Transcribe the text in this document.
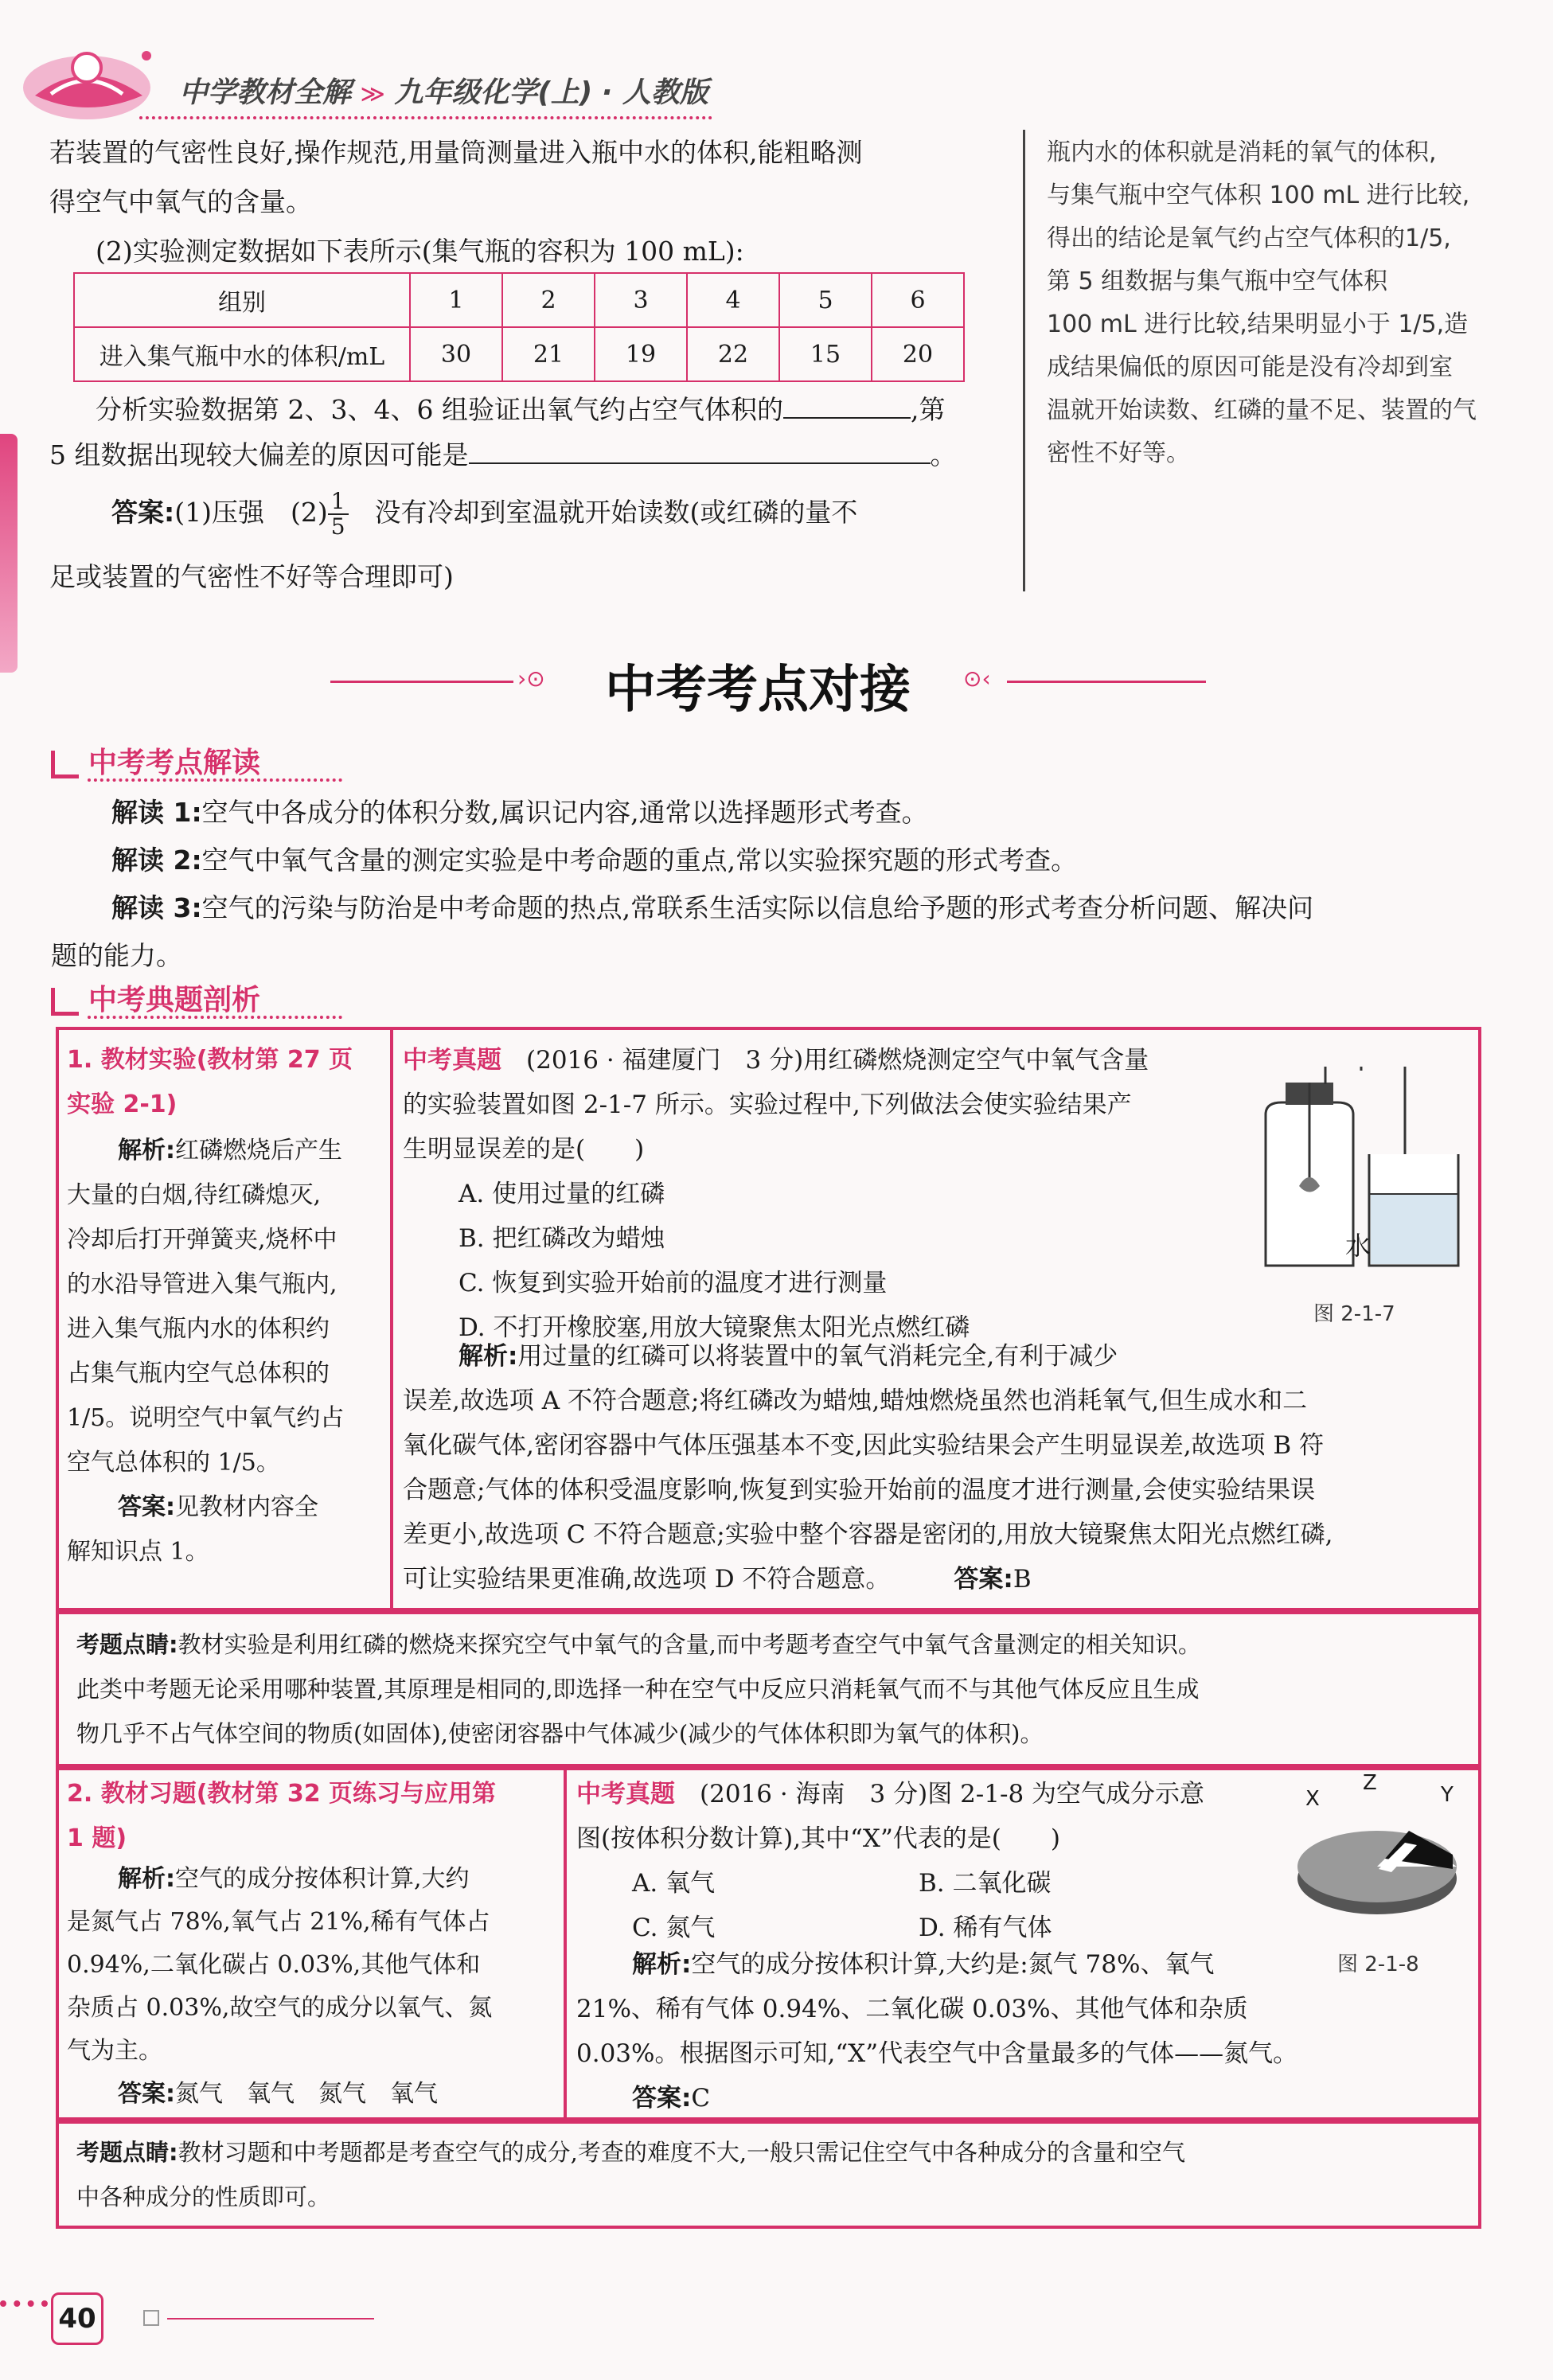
中学教材全解 ≫ 九年级化学(上) · 人教版
若装置的气密性良好,操作规范,用量筒测量进入瓶中水的体积,能粗略测
得空气中氧气的含量。
(2)实验测定数据如下表所示(集气瓶的容积为 100 mL):
组别	1	2	3	4	5	6
进入集气瓶中水的体积/mL	30	21	19	22	15	20
分析实验数据第 2、3、4、6 组验证出氧气约占空气体积的	,第
5 组数据出现较大偏差的原因可能是	。
答案:(1)压强　$(2) \frac{1}{5}$ 　没有冷却到室温就开始读数(或红磷的量不
足或装置的气密性不好等合理即可)
瓶内水的体积就是消耗的氧气的体积,
与集气瓶中空气体积 100 mL 进行比较,
得出的结论是氧气约占空气体积的1/5,
第 5 组数据与集气瓶中空气体积
100 mL 进行比较,结果明显小于 1/5,造
成结果偏低的原因可能是没有冷却到室
温就开始读数、红磷的量不足、装置的气
密性不好等。
›⊙ 中考考点对接 ⊙‹
中考考点解读
解读 1:空气中各成分的体积分数,属识记内容,通常以选择题形式考查。
解读 2:空气中氧气含量的测定实验是中考命题的重点,常以实验探究题的形式考查。
解读 3:空气的污染与防治是中考命题的热点,常联系生活实际以信息给予题的形式考查分析问题、解决问
题的能力。
中考典题剖析
1. 教材实验(教材第 27 页
实验 2-1)
解析:红磷燃烧后产生
大量的白烟,待红磷熄灭,
冷却后打开弹簧夹,烧杯中
的水沿导管进入集气瓶内,
进入集气瓶内水的体积约
占集气瓶内空气总体积的
1/5。说明空气中氧气约占
空气总体积的 1/5。
答案:见教材内容全
解知识点 1。
中考真题　(2016 · 福建厦门　3 分)用红磷燃烧测定空气中氧气含量
的实验装置如图 2-1-7 所示。实验过程中,下列做法会使实验结果产
生明显误差的是(　　)
A. 使用过量的红磷
B. 把红磷改为蜡烛
C. 恢复到实验开始前的温度才进行测量
D. 不打开橡胶塞,用放大镜聚焦太阳光点燃红磷
水
图 2-1-7
解析:用过量的红磷可以将装置中的氧气消耗完全,有利于减少
误差,故选项 A 不符合题意;将红磷改为蜡烛,蜡烛燃烧虽然也消耗氧气,但生成水和二
氧化碳气体,密闭容器中气体压强基本不变,因此实验结果会产生明显误差,故选项 B 符
合题意;气体的体积受温度影响,恢复到实验开始前的温度才进行测量,会使实验结果误
差更小,故选项 C 不符合题意;实验中整个容器是密闭的,用放大镜聚焦太阳光点燃红磷,
可让实验结果更准确,故选项 D 不符合题意。	答案:B
考题点睛:教材实验是利用红磷的燃烧来探究空气中氧气的含量,而中考题考查空气中氧气含量测定的相关知识。
此类中考题无论采用哪种装置,其原理是相同的,即选择一种在空气中反应只消耗氧气而不与其他气体反应且生成
物几乎不占气体空间的物质(如固体),使密闭容器中气体减少(减少的气体体积即为氧气的体积)。
2. 教材习题(教材第 32 页练习与应用第
1 题)
解析:空气的成分按体积计算,大约
是氮气占 78%,氧气占 21%,稀有气体占
0.94%,二氧化碳占 0.03%,其他气体和
杂质占 0.03%,故空气的成分以氧气、氮
气为主。
答案:氮气　氧气　氮气　氧气
中考真题　(2016 · 海南　3 分)图 2-1-8 为空气成分示意
图(按体积分数计算),其中“X”代表的是(　　)
A. 氧气	B. 二氧化碳
C. 氮气	D. 稀有气体
X
Z	Y
图 2-1-8
解析:空气的成分按体积计算,大约是:氮气 78%、氧气
21%、稀有气体 0.94%、二氧化碳 0.03%、其他气体和杂质
0.03%。根据图示可知,“X”代表空气中含量最多的气体——氮气。
答案:C
考题点睛:教材习题和中考题都是考查空气的成分,考查的难度不大,一般只需记住空气中各种成分的含量和空气
中各种成分的性质即可。
40
